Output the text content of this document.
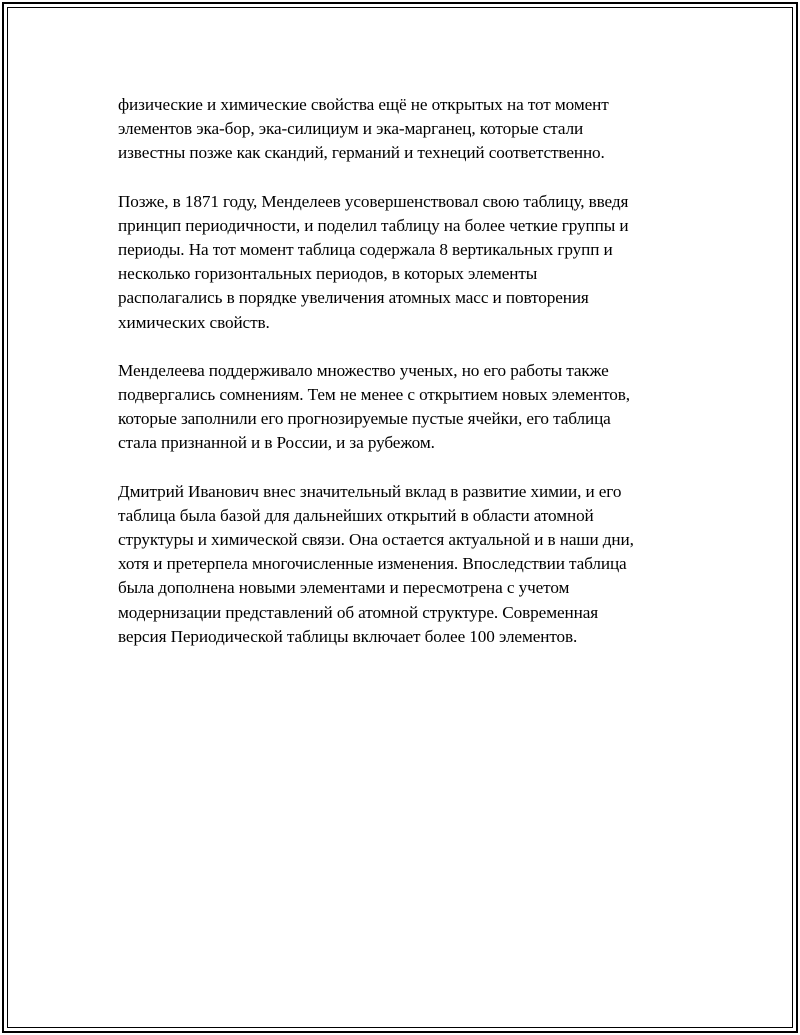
физические и химические свойства ещё не открытых на тот момент
элементов эка-бор, эка-силициум и эка-марганец, которые стали
известны позже как скандий, германий и технеций соответственно.

Позже, в 1871 году, Менделеев усовершенствовал свою таблицу, введя
принцип периодичности, и поделил таблицу на более четкие группы и
периоды. На тот момент таблица содержала 8 вертикальных групп и
несколько горизонтальных периодов, в которых элементы
располагались в порядке увеличения атомных масс и повторения
химических свойств.

Менделеева поддерживало множество ученых, но его работы также
подвергались сомнениям. Тем не менее с открытием новых элементов,
которые заполнили его прогнозируемые пустые ячейки, его таблица
стала признанной и в России, и за рубежом.

Дмитрий Иванович внес значительный вклад в развитие химии, и его
таблица была базой для дальнейших открытий в области атомной
структуры и химической связи. Она остается актуальной и в наши дни,
хотя и претерпела многочисленные изменения. Впоследствии таблица
была дополнена новыми элементами и пересмотрена с учетом
модернизации представлений об атомной структуре. Современная
версия Периодической таблицы включает более 100 элементов.
